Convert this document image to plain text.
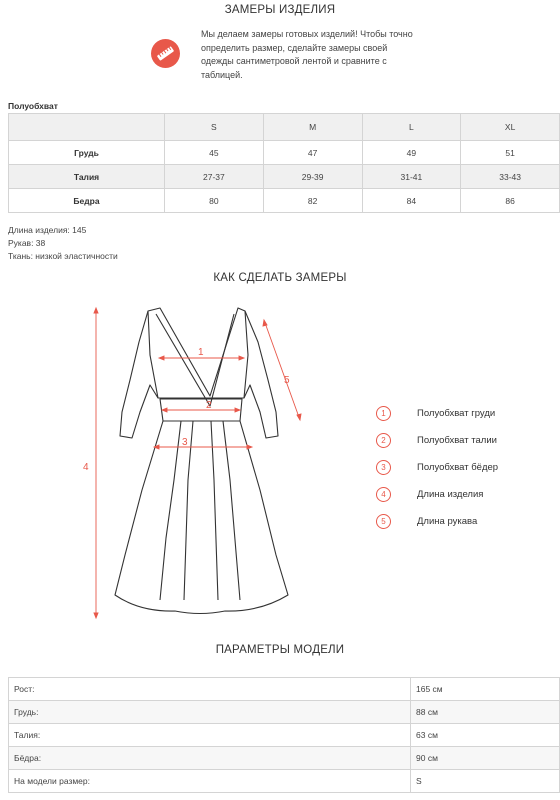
ЗАМЕРЫ ИЗДЕЛИЯ
Мы делаем замеры готовых изделий! Чтобы точно
определить размер, сделайте замеры своей
одежды сантиметровой лентой и сравните с
таблицей.
Полуобхват
	S	M	L	XL
Грудь	45	47	49	51
Талия	27-37	29-39	31-41	33-43
Бедра	80	82	84	86
Длина изделия: 145
Рукав: 38
Ткань: низкой эластичности
КАК СДЕЛАТЬ ЗАМЕРЫ
1
2
3
4
5
1	Полуобхват груди
2	Полуобхват талии
3	Полуобхват бёдер
4	Длина изделия
5	Длина рукава
ПАРАМЕТРЫ МОДЕЛИ
Рост:	165 см
Грудь:	88 см
Талия:	63 см
Бёдра:	90 см
На модели размер:	S
